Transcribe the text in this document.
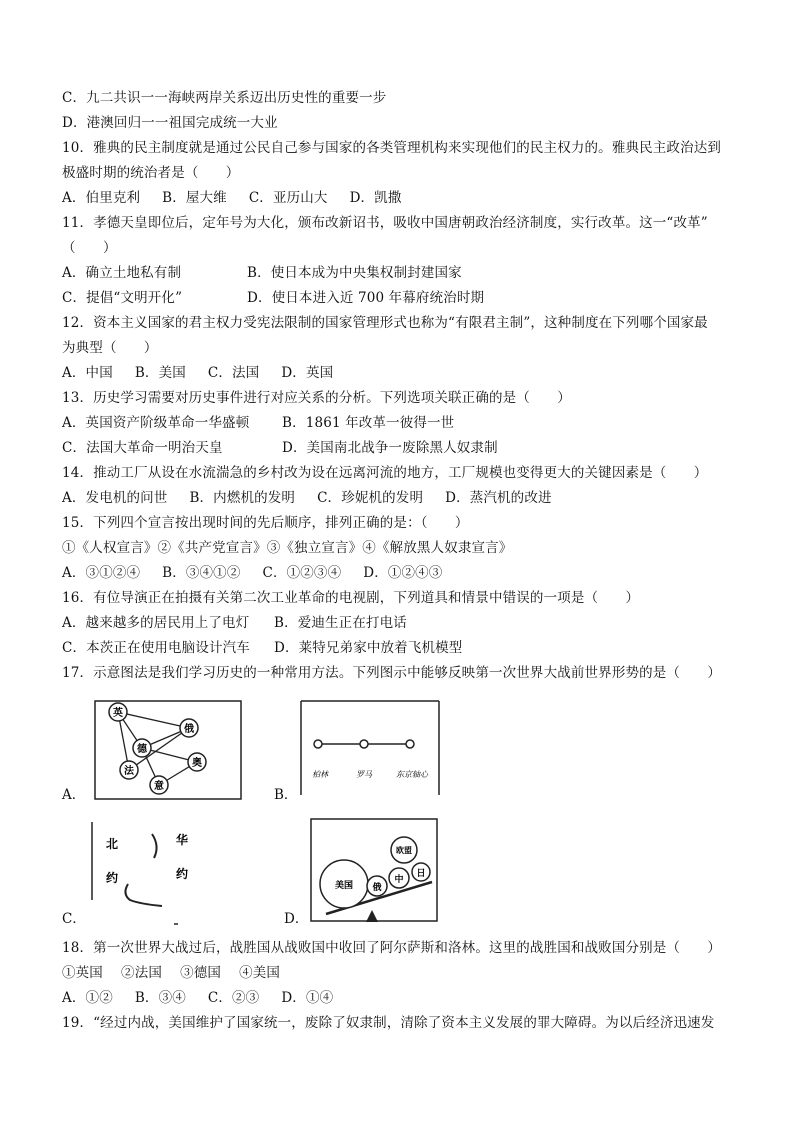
C．九二共识一一海峡两岸关系迈出历史性的重要一步
D．港澳回归一一祖国完成统一大业
10．雅典的民主制度就是通过公民自己参与国家的各类管理机构来实现他们的民主权力的。雅典民主政治达到
极盛时期的统治者是（　　）
A．伯里克利 B．屋大维 C．亚历山大 D．凯撒
11．孝德天皇即位后，定年号为大化，颁布改新诏书，吸收中国唐朝政治经济制度，实行改革。这一“改革”
（　　）
A．确立土地私有制	B．使日本成为中央集权制封建国家
C．提倡“文明开化”	D．使日本进入近 700 年幕府统治时期
12．资本主义国家的君主权力受宪法限制的国家管理形式也称为“有限君主制”，这种制度在下列哪个国家最
为典型（　　）
A．中国 B．美国 C．法国 D．英国
13．历史学习需要对历史事件进行对应关系的分析。下列选项关联正确的是（　　）
A．英国资产阶级革命一华盛顿	B．1861 年改革一彼得一世
C．法国大革命一明治天皇	D．美国南北战争一废除黑人奴隶制
14．推动工厂从设在水流湍急的乡村改为设在远离河流的地方，工厂规模也变得更大的关键因素是（　　）
A．发电机的问世 B．内燃机的发明 C．珍妮机的发明 D．蒸汽机的改进
15．下列四个宣言按出现时间的先后顺序，排列正确的是：（　　）
①《人权宣言》②《共产党宣言》③《独立宣言》④《解放黑人奴隶宣言》
A．③①②④ B．③④①② C．①②③④ D．①②④③
16．有位导演正在拍摄有关第二次工业革命的电视剧，下列道具和情景中错误的一项是（　　）
A．越来越多的居民用上了电灯	B．爱迪生正在打电话
C．本茨正在使用电脑设计汽车	D．莱特兄弟家中放着飞机模型
17．示意图法是我们学习历史的一种常用方法。下列图示中能够反映第一次世界大战前世界形势的是（　　）
A．
英
德
俄
奥
法
意
B．
柏林	罗马	东京轴心
C．
北
约
华
约
D．
美国
欧盟
俄
中
日
18．第一次世界大战过后，战胜国从战败国中收回了阿尔萨斯和洛林。这里的战胜国和战败国分别是（　　）
①英国　 ②法国　 ③德国　 ④美国
A．①② B．③④ C．②③ D．①④
19．“经过内战，美国维护了国家统一，废除了奴隶制，清除了资本主义发展的罪大障碍。为以后经济迅速发
